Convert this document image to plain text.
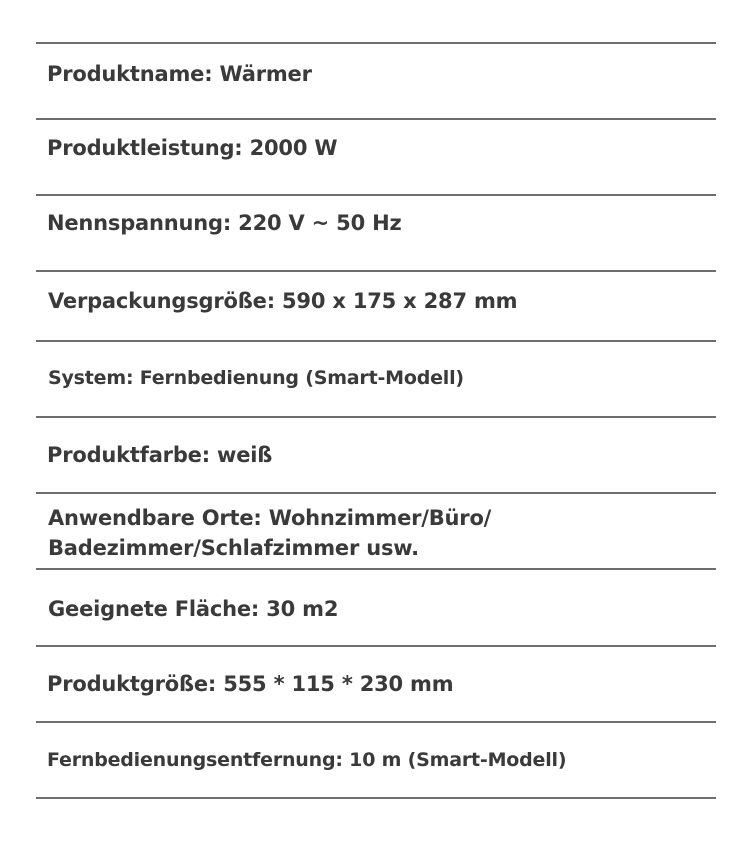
Produktname: Wärmer
Produktleistung: 2000 W
Nennspannung: 220 V ~ 50 Hz
Verpackungsgröße: 590 x 175 x 287 mm
System: Fernbedienung (Smart-Modell)
Produktfarbe: weiß
Anwendbare Orte: Wohnzimmer/Büro/
Badezimmer/Schlafzimmer usw.
Geeignete Fläche: 30 m2
Produktgröße: 555 * 115 * 230 mm
Fernbedienungsentfernung: 10 m (Smart-Modell)
